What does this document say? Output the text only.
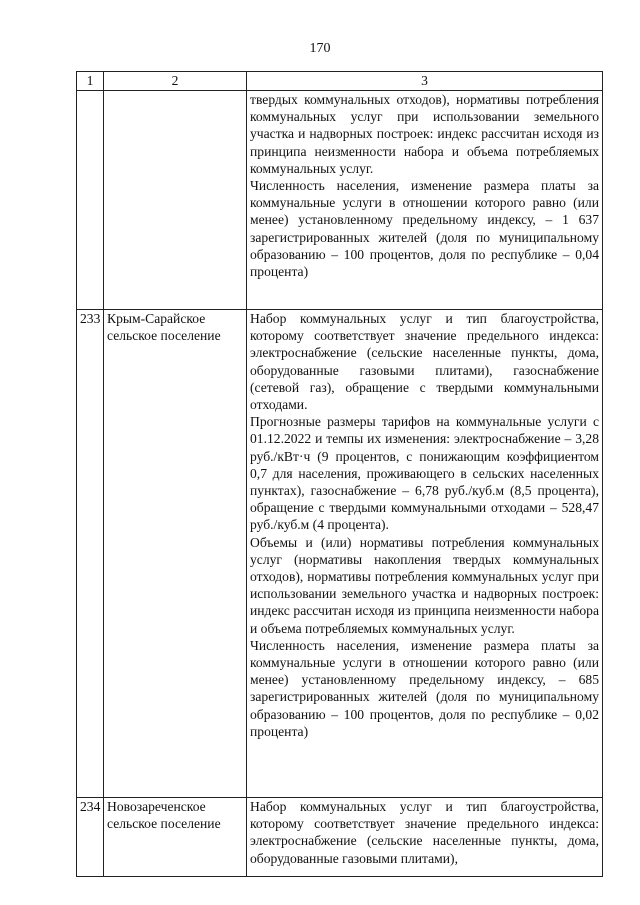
170
1	2	3

		твердых коммунальных отходов), нормативы потребления коммунальных услуг при использовании земельного участка и надворных построек: индекс рассчитан исходя из принципа неизменности набора и объема потребляемых коммунальных услуг.

Численность населения, изменение размера платы за коммунальные услуги в отношении которого равно (или менее) установленному предельному индексу, – 1 637 зарегистрированных жителей (доля по муниципальному образованию – 100 процентов, доля по республике – 0,04 процента)

233	Крым-Сарайское сельское поселение	Набор коммунальных услуг и тип благоустройства, которому соответствует значение предельного индекса: электроснабжение (сельские населенные пункты, дома, оборудованные газовыми плитами), газоснабжение (сетевой газ), обращение с твердыми коммунальными отходами.

Прогнозные размеры тарифов на коммунальные услуги с 01.12.2022 и темпы их изменения: электроснабжение – 3,28 руб./кВт·ч (9 процентов, с понижающим коэффициентом 0,7 для населения, проживающего в сельских населенных пунктах), газоснабжение – 6,78 руб./куб.м (8,5 процента), обращение с твердыми коммунальными отходами – 528,47 руб./куб.м (4 процента).

Объемы и (или) нормативы потребления коммунальных услуг (нормативы накопления твердых коммунальных отходов), нормативы потребления коммунальных услуг при использовании земельного участка и надворных построек: индекс рассчитан исходя из принципа неизменности набора и объема потребляемых коммунальных услуг.

Численность населения, изменение размера платы за коммунальные услуги в отношении которого равно (или менее) установленному предельному индексу, – 685 зарегистрированных жителей (доля по муниципальному образованию – 100 процентов, доля по республике – 0,02 процента)

234	Новозареченское сельское поселение	Набор коммунальных услуг и тип благоустройства, которому соответствует значение предельного индекса: электроснабжение (сельские населенные пункты, дома, оборудованные газовыми плитами),
